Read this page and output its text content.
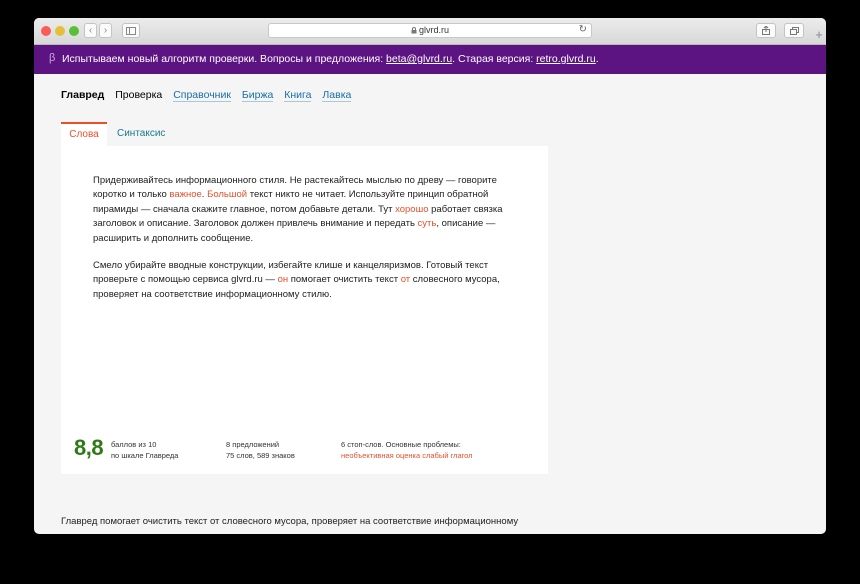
‹ ›	glvrd.ru	↻	+
β Испытываем новый алгоритм проверки. Вопросы и предложения: beta@glvrd.ru. Старая версия: retro.glvrd.ru.
Главред Проверка Справочник Биржа Книга Лавка
Слова	Синтаксис
Придерживайтесь информационного стиля. Не растекайтесь мыслью по древу — говорите коротко и только важное. Большой текст никто не читает. Используйте принцип обратной пирамиды — сначала скажите главное, потом добавьте детали. Тут хорошо работает связка заголовок и описание. Заголовок должен привлечь внимание и передать суть, описание — расширить и дополнить сообщение.
Смело убирайте вводные конструкции, избегайте клише и канцеляризмов. Готовый текст проверьте с помощью сервиса glvrd.ru — он помогает очистить текст от словесного мусора, проверяет на соответствие информационному стилю.
8,8 баллов из 10
по шкале Главреда
8 предложений
75 слов, 589 знаков
6 стоп-слов. Основные проблемы:
необъективная оценка слабый глагол
Главред помогает очистить текст от словесного мусора, проверяет на соответствие информационному
